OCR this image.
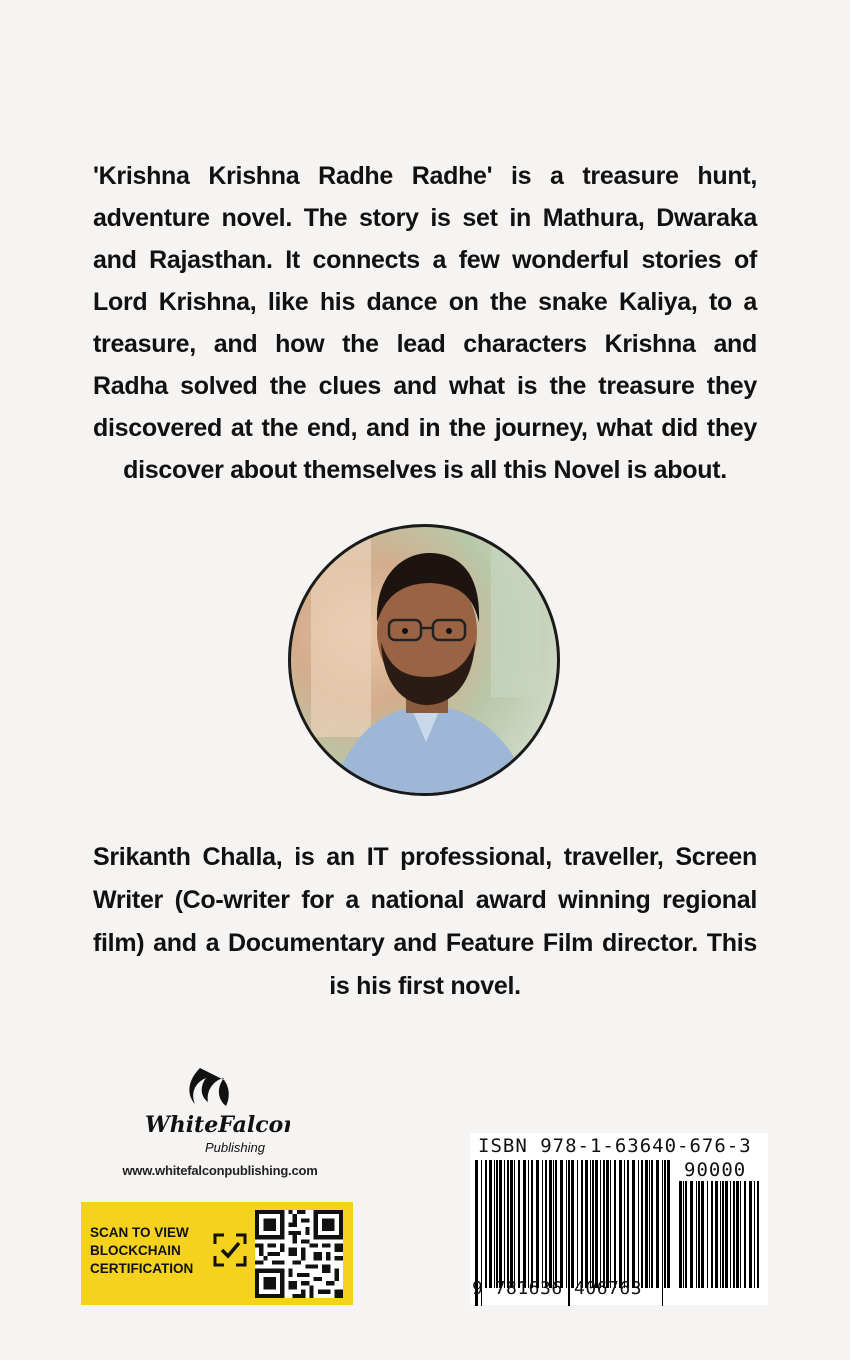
'Krishna Krishna Radhe Radhe' is a treasure hunt, adventure novel. The story is set in Mathura, Dwaraka and Rajasthan. It connects a few wonderful stories of Lord Krishna, like his dance on the snake Kaliya, to a treasure, and how the lead characters Krishna and Radha solved the clues and what is the treasure they discovered at the end, and in the journey, what did they discover about themselves is all this Novel is about.
Srikanth Challa, is an IT professional, traveller, Screen Writer (Co-writer for a national award winning regional film) and a Documentary and Feature Film director. This is his first novel.
WhiteFalcon
Publishing
www.whitefalconpublishing.com
SCAN TO VIEW
BLOCKCHAIN
CERTIFICATION
ISBN 978-1-63640-676-3
90000
9 781636 406763
